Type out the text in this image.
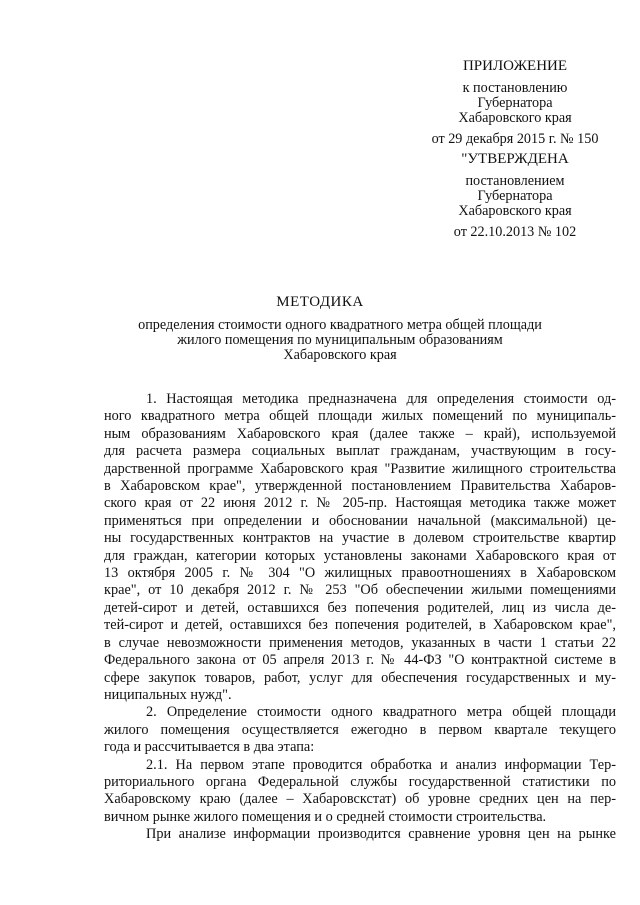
ПРИЛОЖЕНИЕ
к постановлению
Губернатора
Хабаровского края
от 29 декабря 2015 г. № 150
"УТВЕРЖДЕНА
постановлением
Губернатора
Хабаровского края
от 22.10.2013 № 102
МЕТОДИКА
определения стоимости одного квадратного метра общей площади
жилого помещения по муниципальным образованиям
Хабаровского края
1. Настоящая методика предназначена для определения стоимости од-
ного квадратного метра общей площади жилых помещений по муниципаль-
ным образованиям Хабаровского края (далее также – край), используемой
для расчета размера социальных выплат гражданам, участвующим в госу-
дарственной программе Хабаровского края "Развитие жилищного строительства
в Хабаровском крае", утвержденной постановлением Правительства Хабаров-
ского края от 22 июня 2012 г. № 205-пр. Настоящая методика также может
применяться при определении и обосновании начальной (максимальной) це-
ны государственных контрактов на участие в долевом строительстве квартир
для граждан, категории которых установлены законами Хабаровского края от
13 октября 2005 г. № 304 "О жилищных правоотношениях в Хабаровском
крае", от 10 декабря 2012 г. № 253 "Об обеспечении жилыми помещениями
детей-сирот и детей, оставшихся без попечения родителей, лиц из числа де-
тей-сирот и детей, оставшихся без попечения родителей, в Хабаровском крае",
в случае невозможности применения методов, указанных в части 1 статьи 22
Федерального закона от 05 апреля 2013 г. № 44-ФЗ "О контрактной системе в
сфере закупок товаров, работ, услуг для обеспечения государственных и му-
ниципальных нужд".
2. Определение стоимости одного квадратного метра общей площади
жилого помещения осуществляется ежегодно в первом квартале текущего
года и рассчитывается в два этапа:
2.1. На первом этапе проводится обработка и анализ информации Тер-
риториального органа Федеральной службы государственной статистики по
Хабаровскому краю (далее – Хабаровскстат) об уровне средних цен на пер-
вичном рынке жилого помещения и о средней стоимости строительства.
При анализе информации производится сравнение уровня цен на рынке
